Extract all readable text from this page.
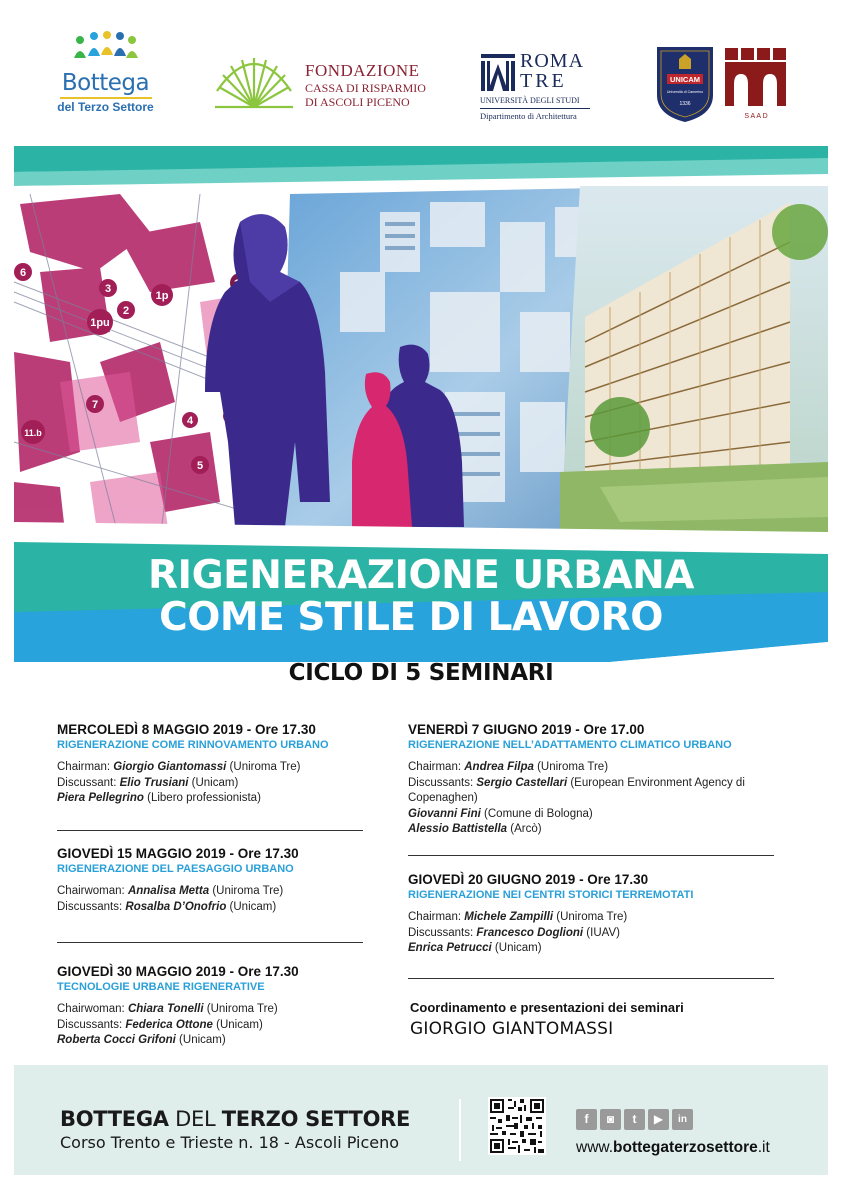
Bottega
del Terzo Settore
FONDAZIONE
CASSA DI RISPARMIO
DI ASCOLI PICENO
ROMA
TRE
UNIVERSITÀ DEGLI STUDI
Dipartimento di Architettura
UNICAM
Università di Camerino
1336
S A A D
6
3
2
1p
1pu
7
4
5
11.b
RIGENERAZIONE URBANA
COME STILE DI LAVORO
CICLO DI 5 SEMINARI
MERCOLEDÌ 8 MAGGIO 2019 - Ore 17.30
RIGENERAZIONE COME RINNOVAMENTO URBANO
Chairman: Giorgio Giantomassi (Uniroma Tre)
Discussant: Elio Trusiani (Unicam)
Piera Pellegrino (Libero professionista)
GIOVEDÌ 15 MAGGIO 2019 - Ore 17.30
RIGENERAZIONE DEL PAESAGGIO URBANO
Chairwoman: Annalisa Metta (Uniroma Tre)
Discussants: Rosalba D’Onofrio (Unicam)
GIOVEDÌ 30 MAGGIO 2019 - Ore 17.30
TECNOLOGIE URBANE RIGENERATIVE
Chairwoman: Chiara Tonelli (Uniroma Tre)
Discussants: Federica Ottone (Unicam)
Roberta Cocci Grifoni (Unicam)
VENERDÌ 7 GIUGNO 2019 - Ore 17.00
RIGENERAZIONE NELL’ADATTAMENTO CLIMATICO URBANO
Chairman: Andrea Filpa (Uniroma Tre)
Discussants: Sergio Castellari (European Environment Agency di Copenaghen)
Giovanni Fini (Comune di Bologna)
Alessio Battistella (Arcò)
GIOVEDÌ 20 GIUGNO 2019 - Ore 17.30
RIGENERAZIONE NEI CENTRI STORICI TERREMOTATI
Chairman: Michele Zampilli (Uniroma Tre)
Discussants: Francesco Doglioni (IUAV)
Enrica Petrucci (Unicam)
Coordinamento e presentazioni dei seminari
GIORGIO GIANTOMASSI
BOTTEGA DEL TERZO SETTORE
Corso Trento e Trieste n. 18 - Ascoli Piceno
f	◙	t	▶	in
www.bottegaterzosettore.it
